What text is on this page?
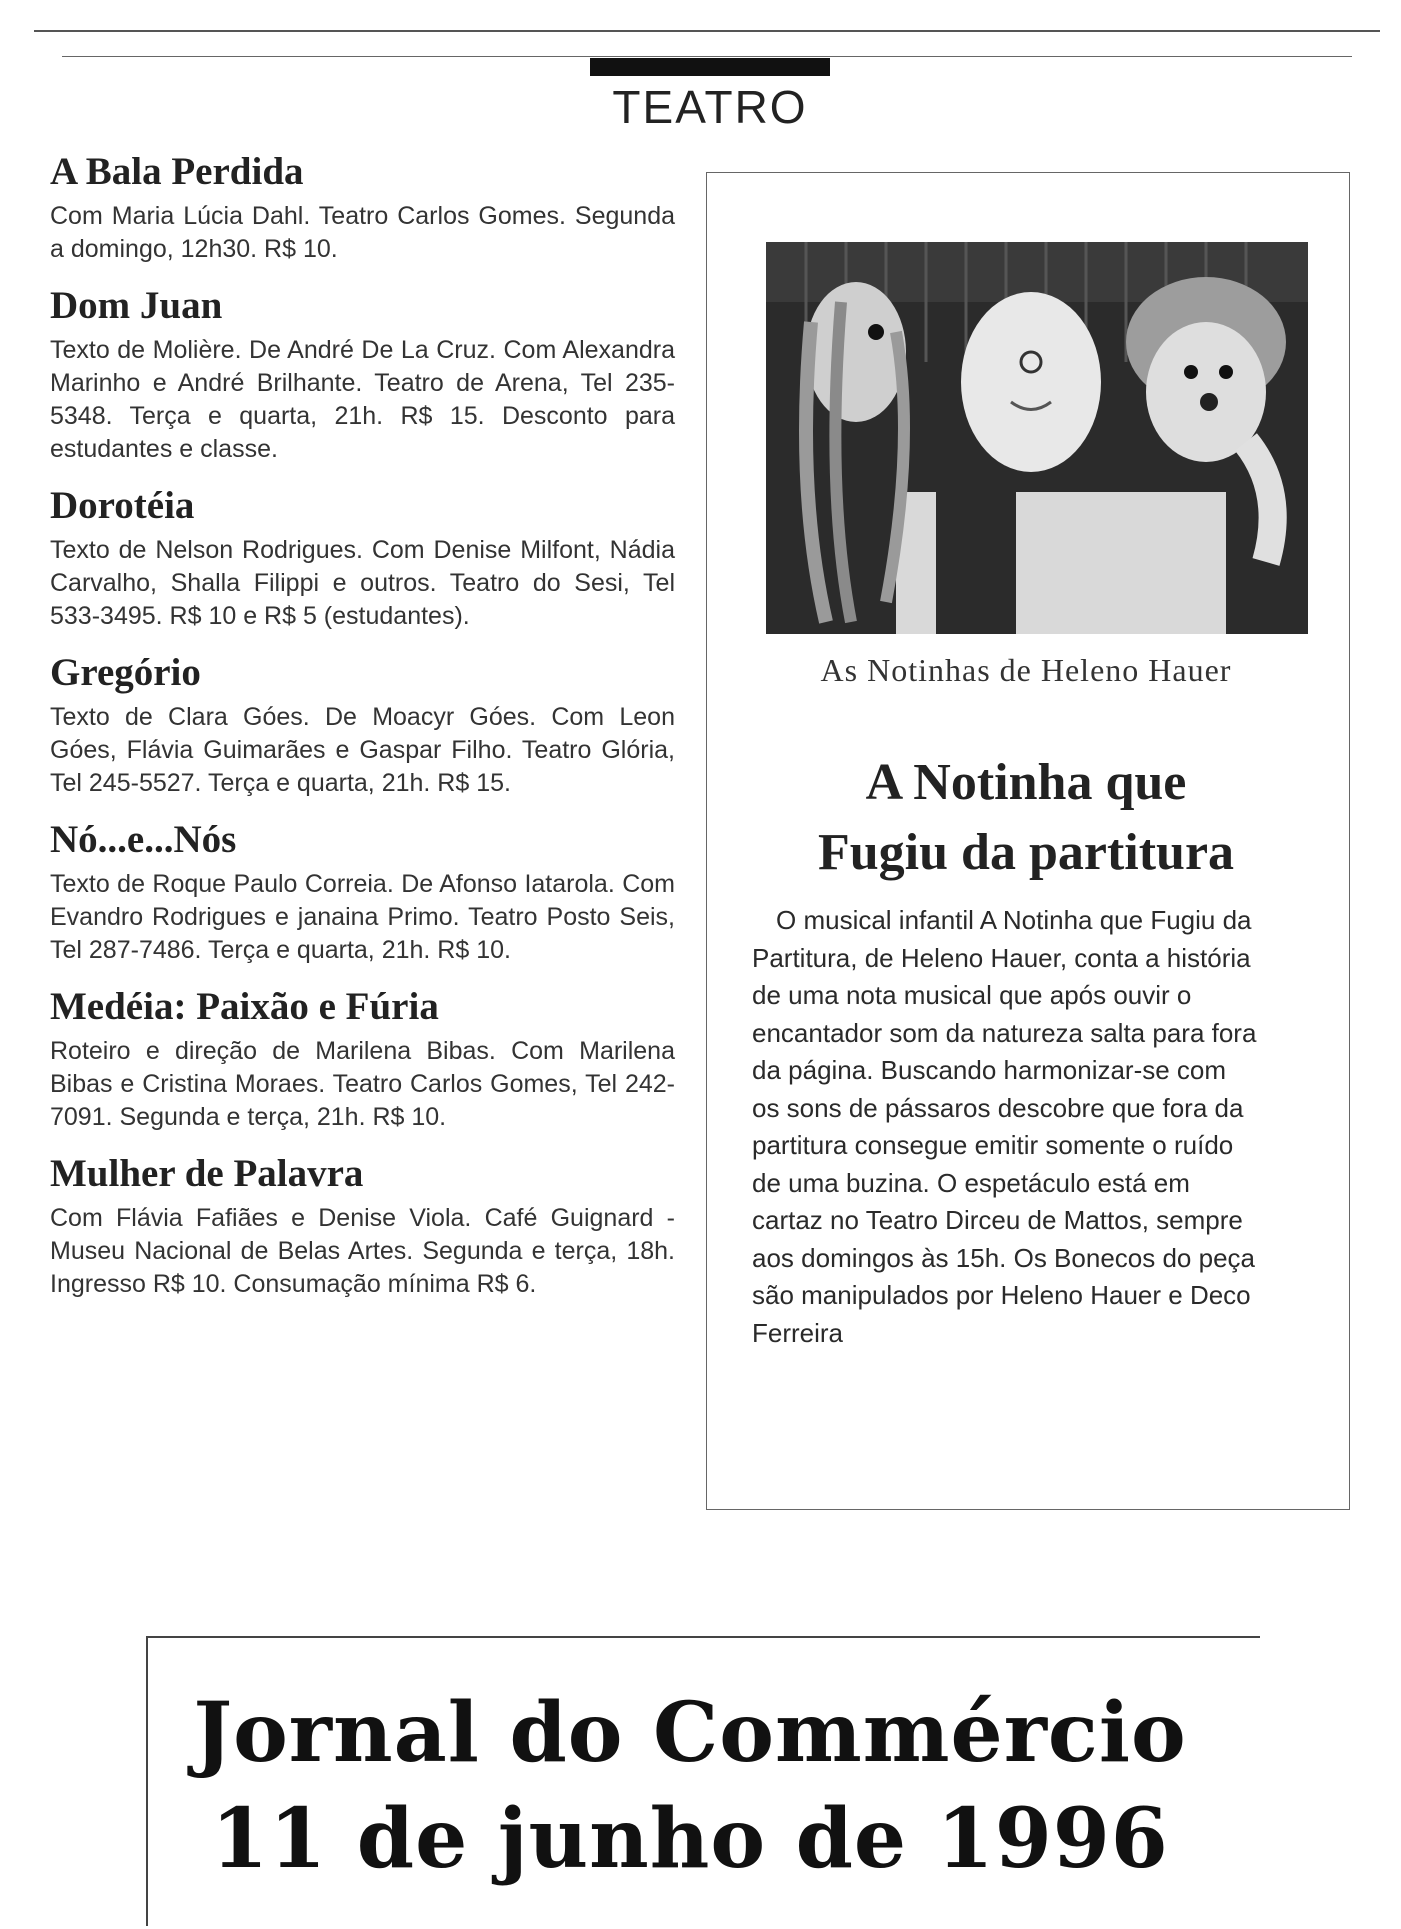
TEATRO
A Bala Perdida
Com Maria Lúcia Dahl. Teatro Carlos Gomes. Segunda a domingo, 12h30. R$ 10.
Dom Juan
Texto de Molière. De André De La Cruz. Com Alexandra Marinho e André Brilhante. Teatro de Arena, Tel 235-5348. Terça e quarta, 21h. R$ 15. Desconto para estudantes e classe.
Dorotéia
Texto de Nelson Rodrigues. Com Denise Milfont, Nádia Carvalho, Shalla Filippi e outros. Teatro do Sesi, Tel 533-3495. R$ 10 e R$ 5 (estudantes).
Gregório
Texto de Clara Góes. De Moacyr Góes. Com Leon Góes, Flávia Guimarães e Gaspar Filho. Teatro Glória, Tel 245-5527. Terça e quarta, 21h. R$ 15.
Nó...e...Nós
Texto de Roque Paulo Correia. De Afonso Iatarola. Com Evandro Rodrigues e janaina Primo. Teatro Posto Seis, Tel 287-7486. Terça e quarta, 21h. R$ 10.
Medéia: Paixão e Fúria
Roteiro e direção de Marilena Bibas. Com Marilena Bibas e Cristina Moraes. Teatro Carlos Gomes, Tel 242-7091. Segunda e terça, 21h. R$ 10.
Mulher de Palavra
Com Flávia Fafiães e Denise Viola. Café Guignard - Museu Nacional de Belas Artes. Segunda e terça, 18h. Ingresso R$ 10. Consumação mínima R$ 6.
As Notinhas de Heleno Hauer
A Notinha que
Fugiu da partitura
O musical infantil A Notinha que Fugiu da Partitura, de Heleno Hauer, conta a história de uma nota musical que após ouvir o encantador som da natureza salta para fora da página. Buscando harmonizar-se com os sons de pássaros descobre que fora da partitura consegue emitir somente o ruído de uma buzina. O espetáculo está em cartaz no Teatro Dirceu de Mattos, sempre aos domingos às 15h. Os Bonecos do peça são manipulados por Heleno Hauer e Deco Ferreira
Jornal do Commércio
11 de junho de 1996
